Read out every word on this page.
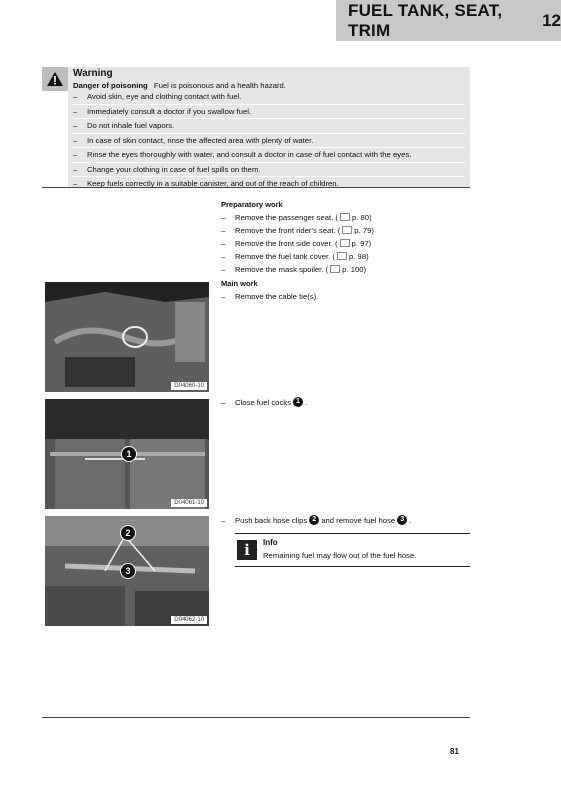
FUEL TANK, SEAT, TRIM
12
Warning
Danger of poisoning Fuel is poisonous and a health hazard.
– Avoid skin, eye and clothing contact with fuel.
– Immediately consult a doctor if you swallow fuel.
– Do not inhale fuel vapors.
– In case of skin contact, rinse the affected area with plenty of water.
– Rinse the eyes thoroughly with water, and consult a doctor in case of fuel contact with the eyes.
– Change your clothing in case of fuel spills on them.
– Keep fuels correctly in a suitable canister, and out of the reach of children.
Preparatory work
– Remove the passenger seat. ( p. 80)
– Remove the front rider's seat. ( p. 79)
– Remove the front side cover. ( p. 97)
– Remove the fuel tank cover. ( p. 98)
– Remove the mask spoiler. ( p. 100)
Main work
– Remove the cable tie(s).
–	Close fuel cocks 1 .
–	Push back hose clips 2 and remove fuel hose 3 .
i	Info
Remaining fuel may flow out of the fuel hose.
D04060-10
1
D04061-10
2
3
D04062-10
81
